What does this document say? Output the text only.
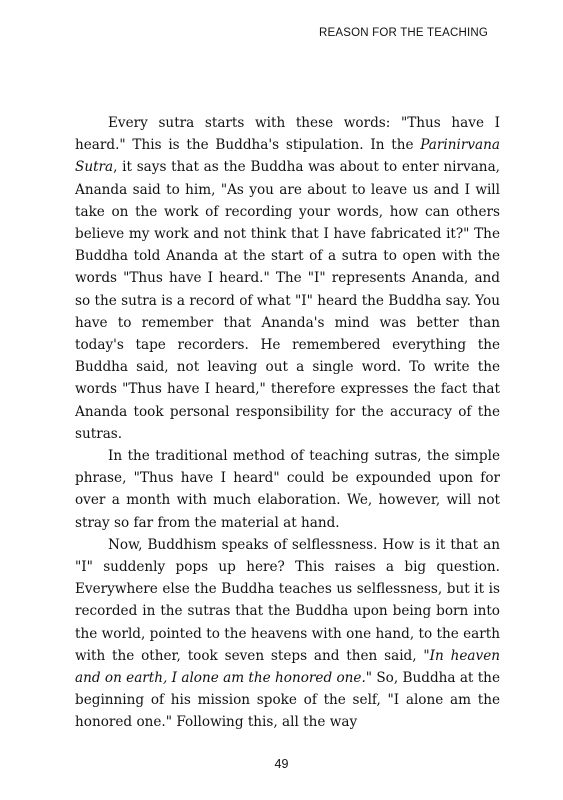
REASON FOR THE TEACHING

Every sutra starts with these words: "Thus have I heard." This is the Buddha's stipulation. In the Parinirvana Sutra, it says that as the Buddha was about to enter nirvana, Ananda said to him, "As you are about to leave us and I will take on the work of recording your words, how can others believe my work and not think that I have fabricated it?" The Buddha told Ananda at the start of a sutra to open with the words "Thus have I heard." The "I" represents Ananda, and so the sutra is a record of what "I" heard the Buddha say. You have to remember that Ananda's mind was better than today's tape recorders. He remembered everything the Buddha said, not leaving out a single word. To write the words "Thus have I heard," therefore expresses the fact that Ananda took personal responsibility for the accuracy of the sutras.

In the traditional method of teaching sutras, the simple phrase, "Thus have I heard" could be expounded upon for over a month with much elaboration. We, however, will not stray so far from the material at hand.

Now, Buddhism speaks of selflessness. How is it that an "I" suddenly pops up here? This raises a big question. Everywhere else the Buddha teaches us selflessness, but it is recorded in the sutras that the Buddha upon being born into the world, pointed to the heavens with one hand, to the earth with the other, took seven steps and then said, "In heaven and on earth, I alone am the honored one." So, Buddha at the beginning of his mission spoke of the self, "I alone am the honored one." Following this, all the way

49
